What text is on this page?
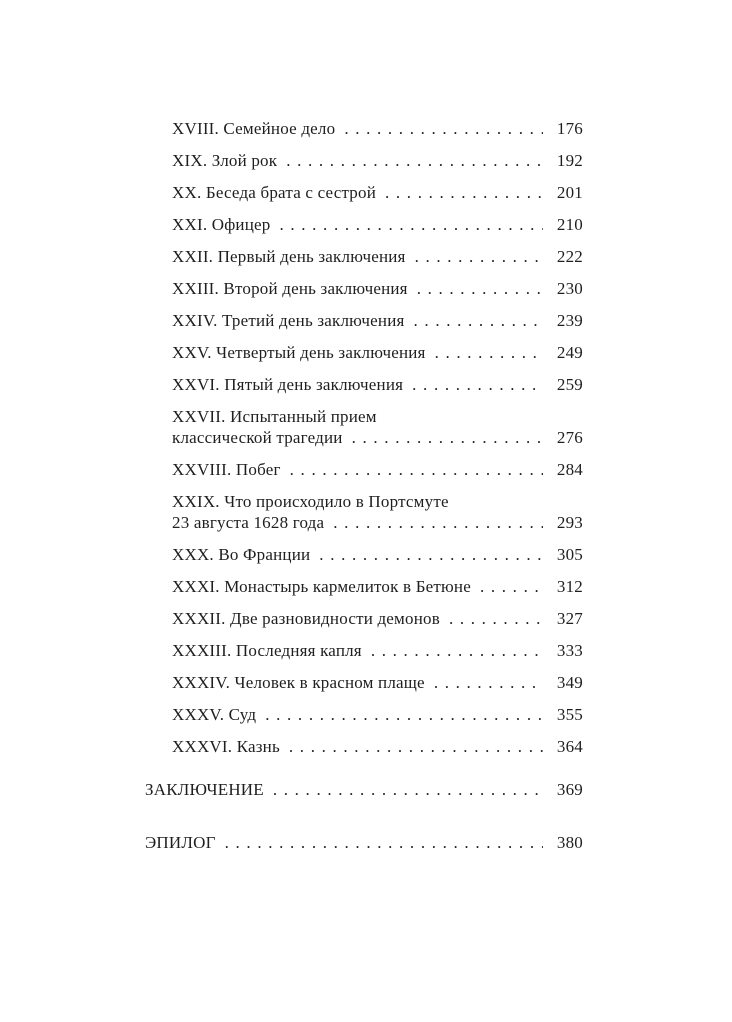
XVIII. Семейное дело . . .	176
XIX. Злой рок . . .	192
XX. Беседа брата с сестрой . . .	201
XXI. Офицер . . .	210
XXII. Первый день заключения . . .	222
XXIII. Второй день заключения . . .	230
XXIV. Третий день заключения . . .	239
XXV. Четвертый день заключения . . .	249
XXVI. Пятый день заключения . . .	259
XXVII. Испытанный прием
классической трагедии . . .	276
XXVIII. Побег . . .	284
XXIX. Что происходило в Портсмуте
23 августа 1628 года . . .	293
XXX. Во Франции . . .	305
XXXI. Монастырь кармелиток в Бетюне . . .	312
XXXII. Две разновидности демонов . . .	327
XXXIII. Последняя капля . . .	333
XXXIV. Человек в красном плаще . . .	349
XXXV. Суд . . .	355
XXXVI. Казнь . . .	364
ЗАКЛЮЧЕНИЕ . . .	369
ЭПИЛОГ . . .	380
